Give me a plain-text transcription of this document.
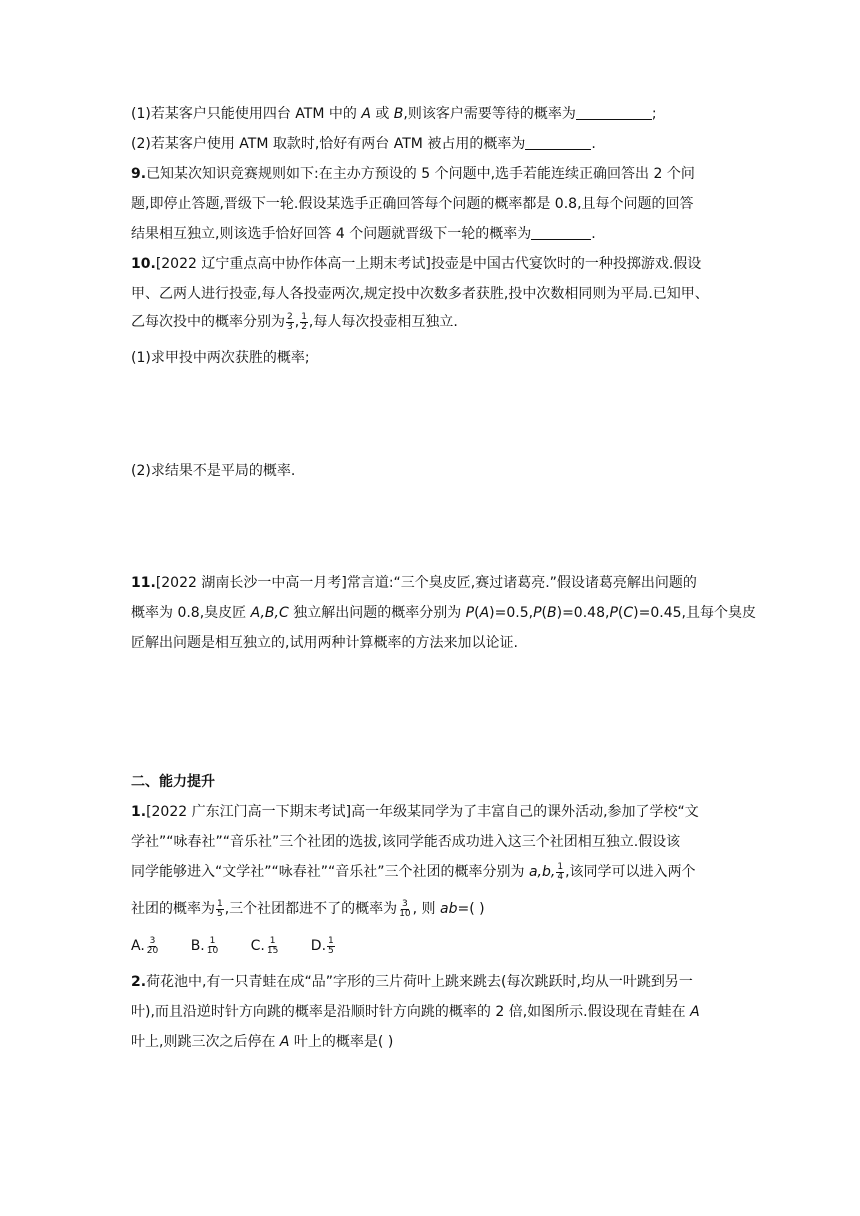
(1)若某客户只能使用四台 ATM 中的 A 或 B,则该客户需要等待的概率为	;
(2)若某客户使用 ATM 取款时,恰好有两台 ATM 被占用的概率为	.
9.已知某次知识竞赛规则如下:在主办方预设的 5 个问题中,选手若能连续正确回答出 2 个问
题,即停止答题,晋级下一轮.假设某选手正确回答每个问题的概率都是 0.8,且每个问题的回答
结果相互独立,则该选手恰好回答 4 个问题就晋级下一轮的概率为	.
10.[2022 辽宁重点高中协作体高一上期末考试]投壶是中国古代宴饮时的一种投掷游戏.假设
甲、乙两人进行投壶,每人各投壶两次,规定投中次数多者获胜,投中次数相同则为平局.已知甲、
乙每次投中的概率分别为 $\frac{2}{3}$ , $\frac{1}{2}$ ,每人每次投壶相互独立.
(1)求甲投中两次获胜的概率;
(2)求结果不是平局的概率.
11.[2022 湖南长沙一中高一月考]常言道:“三个臭皮匠,赛过诸葛亮.”假设诸葛亮解出问题的
概率为 0.8,臭皮匠 A,B,C 独立解出问题的概率分别为 P(A)=0.5,P(B)=0.48,P(C)=0.45,且每个臭皮
匠解出问题是相互独立的,试用两种计算概率的方法来加以论证.
二、能力提升
1.[2022 广东江门高一下期末考试]高一年级某同学为了丰富自己的课外活动,参加了学校“文
学社”“咏春社”“音乐社”三个社团的选拔,该同学能否成功进入这三个社团相互独立.假设该
同学能够进入“文学社”“咏春社”“音乐社”三个社团的概率分别为 a,b, $\frac{1}{4}$ ,该同学可以进入两个
社团的概率为 $\frac{1}{5}$ ,三个社团都进不了的概率为 $\frac{3}{10}$ , 则 ab=( )
A. $\frac{3}{20} B$. $\frac{1}{10} C$. $\frac{1}{15} D$. $\frac{1}{5}$
2.荷花池中,有一只青蛙在成“品”字形的三片荷叶上跳来跳去(每次跳跃时,均从一叶跳到另一
叶),而且沿逆时针方向跳的概率是沿顺时针方向跳的概率的 2 倍,如图所示.假设现在青蛙在 A
叶上,则跳三次之后停在 A 叶上的概率是( )
